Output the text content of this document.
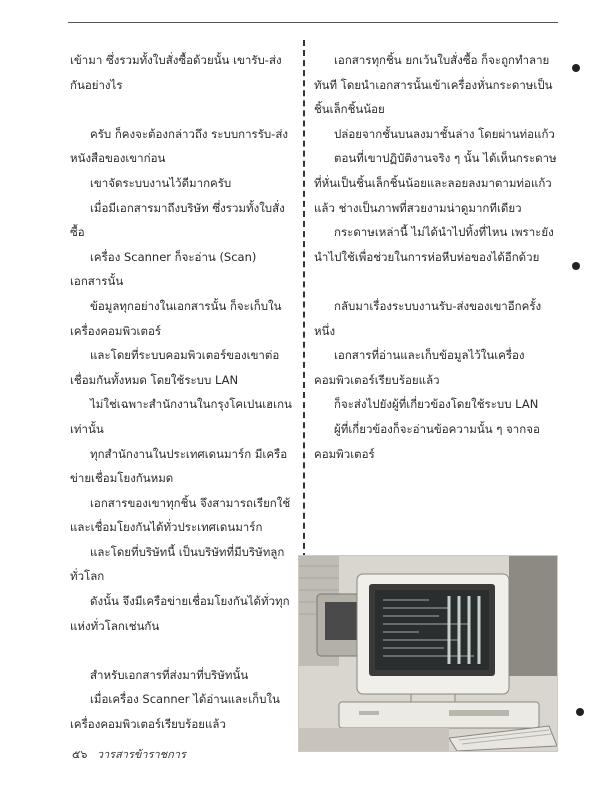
เข้ามา ซึ่งรวมทั้งใบสั่งซื้อด้วยนั้น เขารับ-ส่งกันอย่างไร

ครับ ก็คงจะต้องกล่าวถึง ระบบการรับ-ส่งหนังสือของเขาก่อน

เขาจัดระบบงานไว้ดีมากครับ

เมื่อมีเอกสารมาถึงบริษัท ซึ่งรวมทั้งใบสั่งซื้อ

เครื่อง Scanner ก็จะอ่าน (Scan) เอกสารนั้น

ข้อมูลทุกอย่างในเอกสารนั้น ก็จะเก็บในเครื่องคอมพิวเตอร์

และโดยที่ระบบคอมพิวเตอร์ของเขาต่อเชื่อมกันทั้งหมด โดยใช้ระบบ LAN

ไม่ใช่เฉพาะสำนักงานในกรุงโคเปนเฮเกนเท่านั้น

ทุกสำนักงานในประเทศเดนมาร์ก มีเครือข่ายเชื่อมโยงกันหมด

เอกสารของเขาทุกชิ้น จึงสามารถเรียกใช้และเชื่อมโยงกันได้ทั่วประเทศเดนมาร์ก

และโดยที่บริษัทนี้ เป็นบริษัทที่มีบริษัทลูกทั่วโลก

ดังนั้น จึงมีเครือข่ายเชื่อมโยงกันได้ทั่วทุกแห่งทั่วโลกเช่นกัน

สำหรับเอกสารที่ส่งมาที่บริษัทนั้น

เมื่อเครื่อง Scanner ได้อ่านและเก็บในเครื่องคอมพิวเตอร์เรียบร้อยแล้ว

เอกสารทุกชิ้น ยกเว้นใบสั่งซื้อ ก็จะถูกทำลายทันที โดยนำเอกสารนั้นเข้าเครื่องหั่นกระดาษเป็นชิ้นเล็กชิ้นน้อย

ปล่อยจากชั้นบนลงมาชั้นล่าง โดยผ่านท่อแก้ว

ตอนที่เขาปฏิบัติงานจริง ๆ นั้น ได้เห็นกระดาษที่หั่นเป็นชิ้นเล็กชิ้นน้อยและลอยลงมาตามท่อแก้วแล้ว ช่างเป็นภาพที่สวยงามน่าดูมากทีเดียว

กระดาษเหล่านี้ ไม่ได้นำไปทิ้งที่ไหน เพราะยังนำไปใช้เพื่อช่วยในการห่อหีบห่อของได้อีกด้วย

กลับมาเรื่องระบบงานรับ-ส่งของเขาอีกครั้งหนึ่ง

เอกสารที่อ่านและเก็บข้อมูลไว้ในเครื่องคอมพิวเตอร์เรียบร้อยแล้ว

ก็จะส่งไปยังผู้ที่เกี่ยวข้องโดยใช้ระบบ LAN

ผู้ที่เกี่ยวข้องก็จะอ่านข้อความนั้น ๆ จากจอคอมพิวเตอร์

๕๖ วารสารข้าราชการ
